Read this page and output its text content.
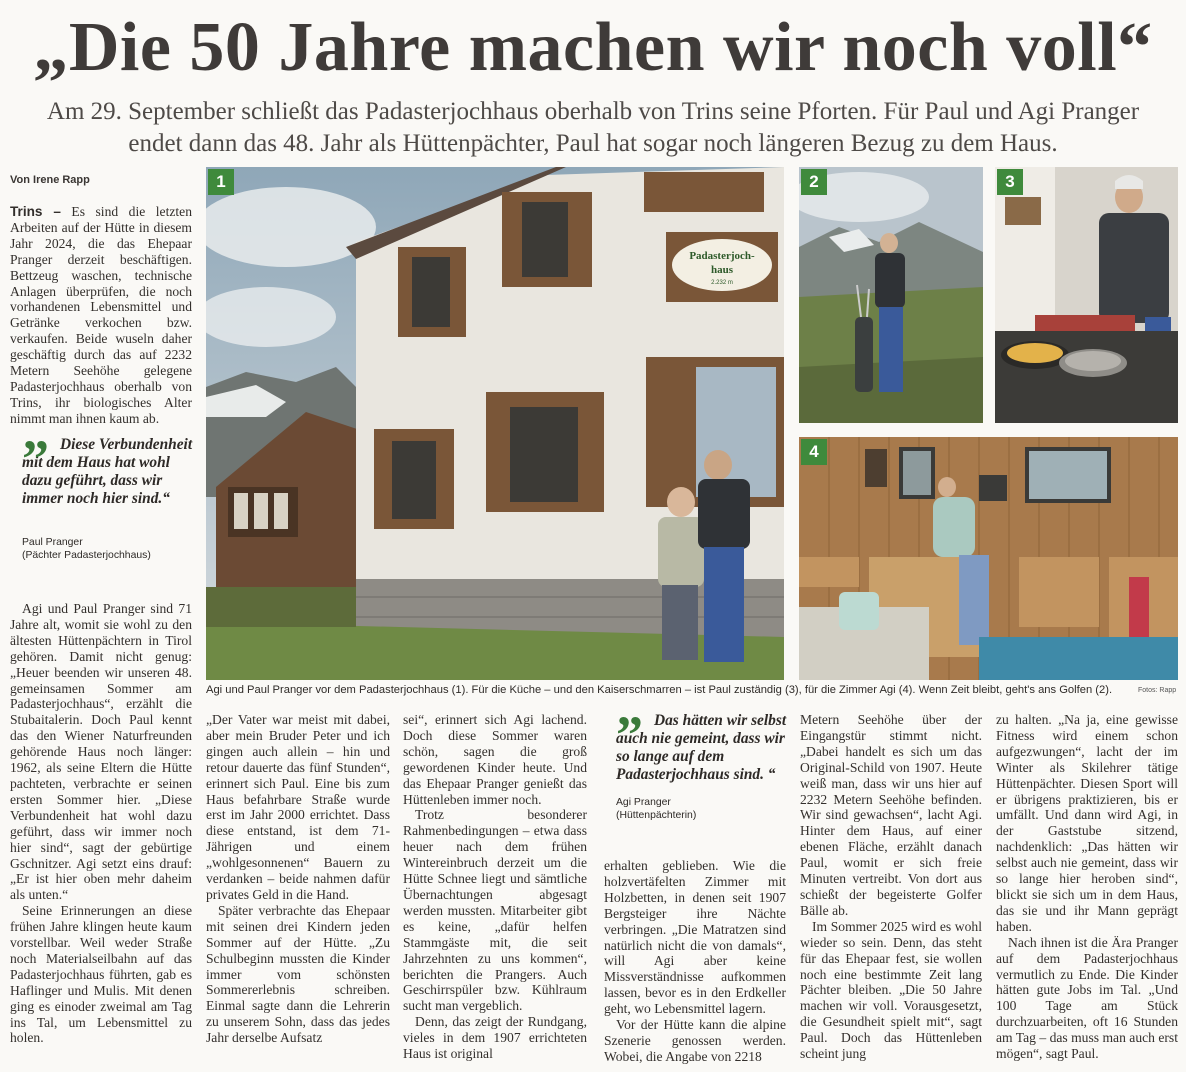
„Die 50 Jahre machen wir noch voll“
Am 29. September schließt das Padasterjochhaus oberhalb von Trins seine Pforten. Für Paul und Agi Pranger endet dann das 48. Jahr als Hüttenpächter, Paul hat sogar noch längeren Bezug zu dem Haus.
Von Irene Rapp

Trins – Es sind die letzten Arbeiten auf der Hütte in diesem Jahr 2024, die das Ehepaar Pranger derzeit beschäftigen. Bettzeug waschen, technische Anlagen überprüfen, die noch vorhandenen Lebensmittel und Getränke verkochen bzw. verkaufen. Beide wuseln daher geschäftig durch das auf 2232 Metern Seehöhe gelegene Padasterjochhaus oberhalb von Trins, ihr biologisches Alter nimmt man ihnen kaum ab.

” Diese Verbundenheit mit dem Haus hat wohl dazu geführt, dass wir immer noch hier sind.“
Paul Pranger
(Pächter Padasterjochhaus)

Agi und Paul Pranger sind 71 Jahre alt, womit sie wohl zu den ältesten Hüttenpächtern in Tirol gehören. Damit nicht genug: „Heuer beenden wir unseren 48. gemeinsamen Sommer am Padasterjochhaus“, erzählt die Stubaitalerin. Doch Paul kennt das den Wiener Naturfreunden gehörende Haus noch länger: 1962, als seine Eltern die Hütte pachteten, verbrachte er seinen ersten Sommer hier. „Diese Verbundenheit hat wohl dazu geführt, dass wir immer noch hier sind“, sagt der gebürtige Gschnitzer. Agi setzt eins drauf: „Er ist hier oben mehr daheim als unten.“

Seine Erinnerungen an diese frühen Jahre klingen heute kaum vorstellbar. Weil weder Straße noch Materialseilbahn auf das Padasterjochhaus führten, gab es Haflinger und Mulis. Mit denen ging es einoder zweimal am Tag ins Tal, um Lebensmittel zu holen.

„Der Vater war meist mit dabei, aber mein Bruder Peter und ich gingen auch allein – hin und retour dauerte das fünf Stunden“, erinnert sich Paul. Eine bis zum Haus befahrbare Straße wurde erst im Jahr 2000 errichtet. Dass diese entstand, ist dem 71-Jährigen und einem „wohlgesonnenen“ Bauern zu verdanken – beide nahmen dafür privates Geld in die Hand.

Später verbrachte das Ehepaar mit seinen drei Kindern jeden Sommer auf der Hütte. „Zu Schulbeginn mussten die Kinder immer vom schönsten Sommererlebnis schreiben. Einmal sagte dann die Lehrerin zu unserem Sohn, dass das jedes Jahr derselbe Aufsatz

sei“, erinnert sich Agi lachend. Doch diese Sommer waren schön, sagen die groß gewordenen Kinder heute. Und das Ehepaar Pranger genießt das Hüttenleben immer noch.

Trotz besonderer Rahmenbedingungen – etwa dass heuer nach dem frühen Wintereinbruch derzeit um die Hütte Schnee liegt und sämtliche Übernachtungen abgesagt werden mussten. Mitarbeiter gibt es keine, „dafür helfen Stammgäste mit, die seit Jahrzehnten zu uns kommen“, berichten die Prangers. Auch Geschirrspüler bzw. Kühlraum sucht man vergeblich.

Denn, das zeigt der Rundgang, vieles in dem 1907 errichteten Haus ist original

” Das hätten wir selbst auch nie gemeint, dass wir so lange auf dem Padasterjochhaus sind. “
Agi Pranger
(Hüttenpächterin)

erhalten geblieben. Wie die holzvertäfelten Zimmer mit Holzbetten, in denen seit 1907 Bergsteiger ihre Nächte verbringen. „Die Matratzen sind natürlich nicht die von damals“, will Agi aber keine Missverständnisse aufkommen lassen, bevor es in den Erdkeller geht, wo Lebensmittel lagern.

Vor der Hütte kann die alpine Szenerie genossen werden. Wobei, die Angabe von 2218

Metern Seehöhe über der Eingangstür stimmt nicht. „Dabei handelt es sich um das Original-Schild von 1907. Heute weiß man, dass wir uns hier auf 2232 Metern Seehöhe befinden. Wir sind gewachsen“, lacht Agi. Hinter dem Haus, auf einer ebenen Fläche, erzählt danach Paul, womit er sich freie Minuten vertreibt. Von dort aus schießt der begeisterte Golfer Bälle ab.

Im Sommer 2025 wird es wohl wieder so sein. Denn, das steht für das Ehepaar fest, sie wollen noch eine bestimmte Zeit lang Pächter bleiben. „Die 50 Jahre machen wir voll. Vorausgesetzt, die Gesundheit spielt mit“, sagt Paul. Doch das Hüttenleben scheint jung

zu halten. „Na ja, eine gewisse Fitness wird einem schon aufgezwungen“, lacht der im Winter als Skilehrer tätige Hüttenpächter. Diesen Sport will er übrigens praktizieren, bis er umfällt. Und dann wird Agi, in der Gaststube sitzend, nachdenklich: „Das hätten wir selbst auch nie gemeint, dass wir so lange hier heroben sind“, blickt sie sich um in dem Haus, das sie und ihr Mann geprägt haben.

Nach ihnen ist die Ära Pranger auf dem Padasterjochhaus vermutlich zu Ende. Die Kinder hätten gute Jobs im Tal. „Und 100 Tage am Stück durchzuarbeiten, oft 16 Stunden am Tag – das muss man auch erst mögen“, sagt Paul.

Padasterjoch-
haus
2.232 m
1	2	3
4
Agi und Paul Pranger vor dem Padasterjochhaus (1). Für die Küche – und den Kaiserschmarren – ist Paul zuständig (3), für die Zimmer Agi (4). Wenn Zeit bleibt, geht's ans Golfen (2).	Fotos: Rapp
